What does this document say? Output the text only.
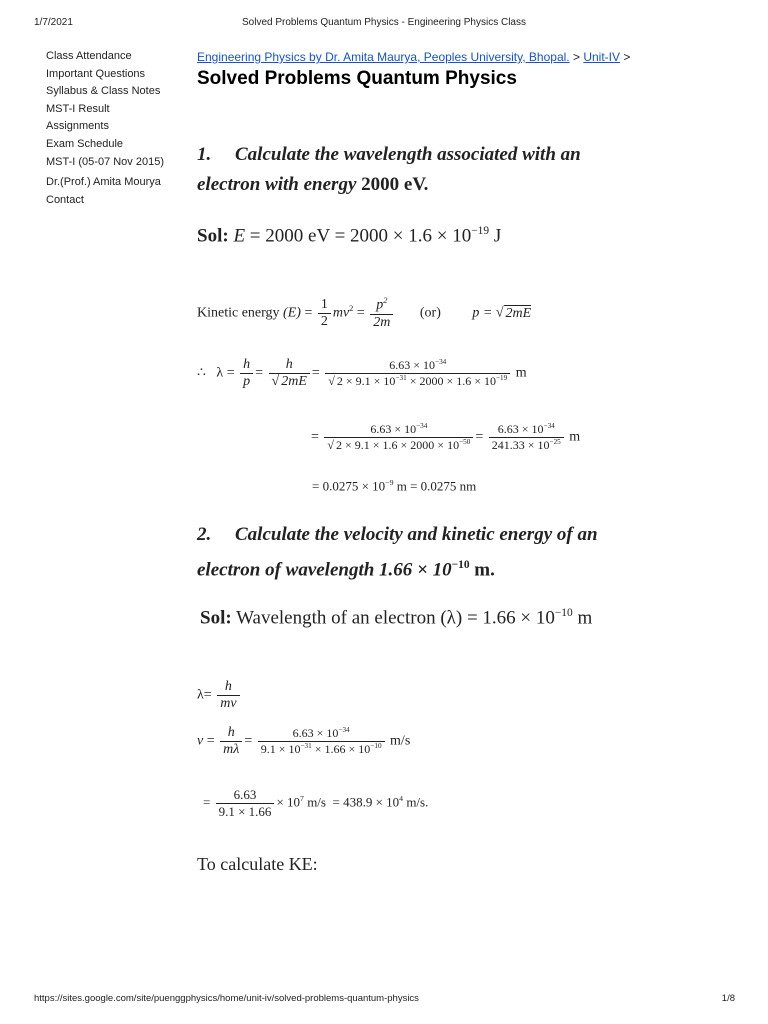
1/7/2021	Solved Problems Quantum Physics - Engineering Physics Class
Class Attendance
Important Questions
Syllabus & Class Notes
MST-I Result
Assignments
Exam Schedule
MST-I (05-07 Nov 2015)
Dr.(Prof.) Amita Mourya
Contact
Engineering Physics by Dr. Amita Maurya, Peoples University, Bhopal. > Unit-IV >
Solved Problems Quantum Physics
1. Calculate the wavelength associated with an
electron with energy 2000 eV.
Sol: E = 2000 eV = $2000 \times 1.6 \times 10^{-19}$ J
Kinetic energy $(E) = \frac{1}{2} mv^2 = \frac{p^2}{2m} (or) p$ = √ 2mE
∴ $\lambda = \frac{h}{p} = \frac{h}{√ 2mE} = \frac{6.63 \times 10^{-34}}{√ 2 \times 9.1 \times 10^{-31} \times 2000 \times 1.6 \times 10^{-19}}$ m
= $\frac{6.63 \times 10^{-34}}{√ 2 \times 9.1 \times 1.6 \times 2000 \times 10^{-50}} = \frac{6.63 \times 10^{-34}}{241.33 \times 10^{-25}}$ m
= $0.0275 \times 10^{-9}$ m = 0.0275 nm
2. Calculate the velocity and kinetic energy of an
electron of wavelength $1.66 \times 10^{-10}$ m.
Sol: Wavelength of an electron $(\lambda) = 1.66 \times 10^{-10}$ m
$\lambda= \frac{h}{mv}$
$v = \frac{h}{m\lambda} = \frac{6.63 \times 10^{-34}}{9.1 \times 10^{-31} \times 1.66 \times 10^{-10}} m/s$
= $\frac{6.63}{9.1 \times 1.66} \times 10^7$ $m/s = 438.9 \times 10^4$ m/s.
To calculate KE:
https://sites.google.com/site/puenggphysics/home/unit-iv/solved-problems-quantum-physics	1/8
